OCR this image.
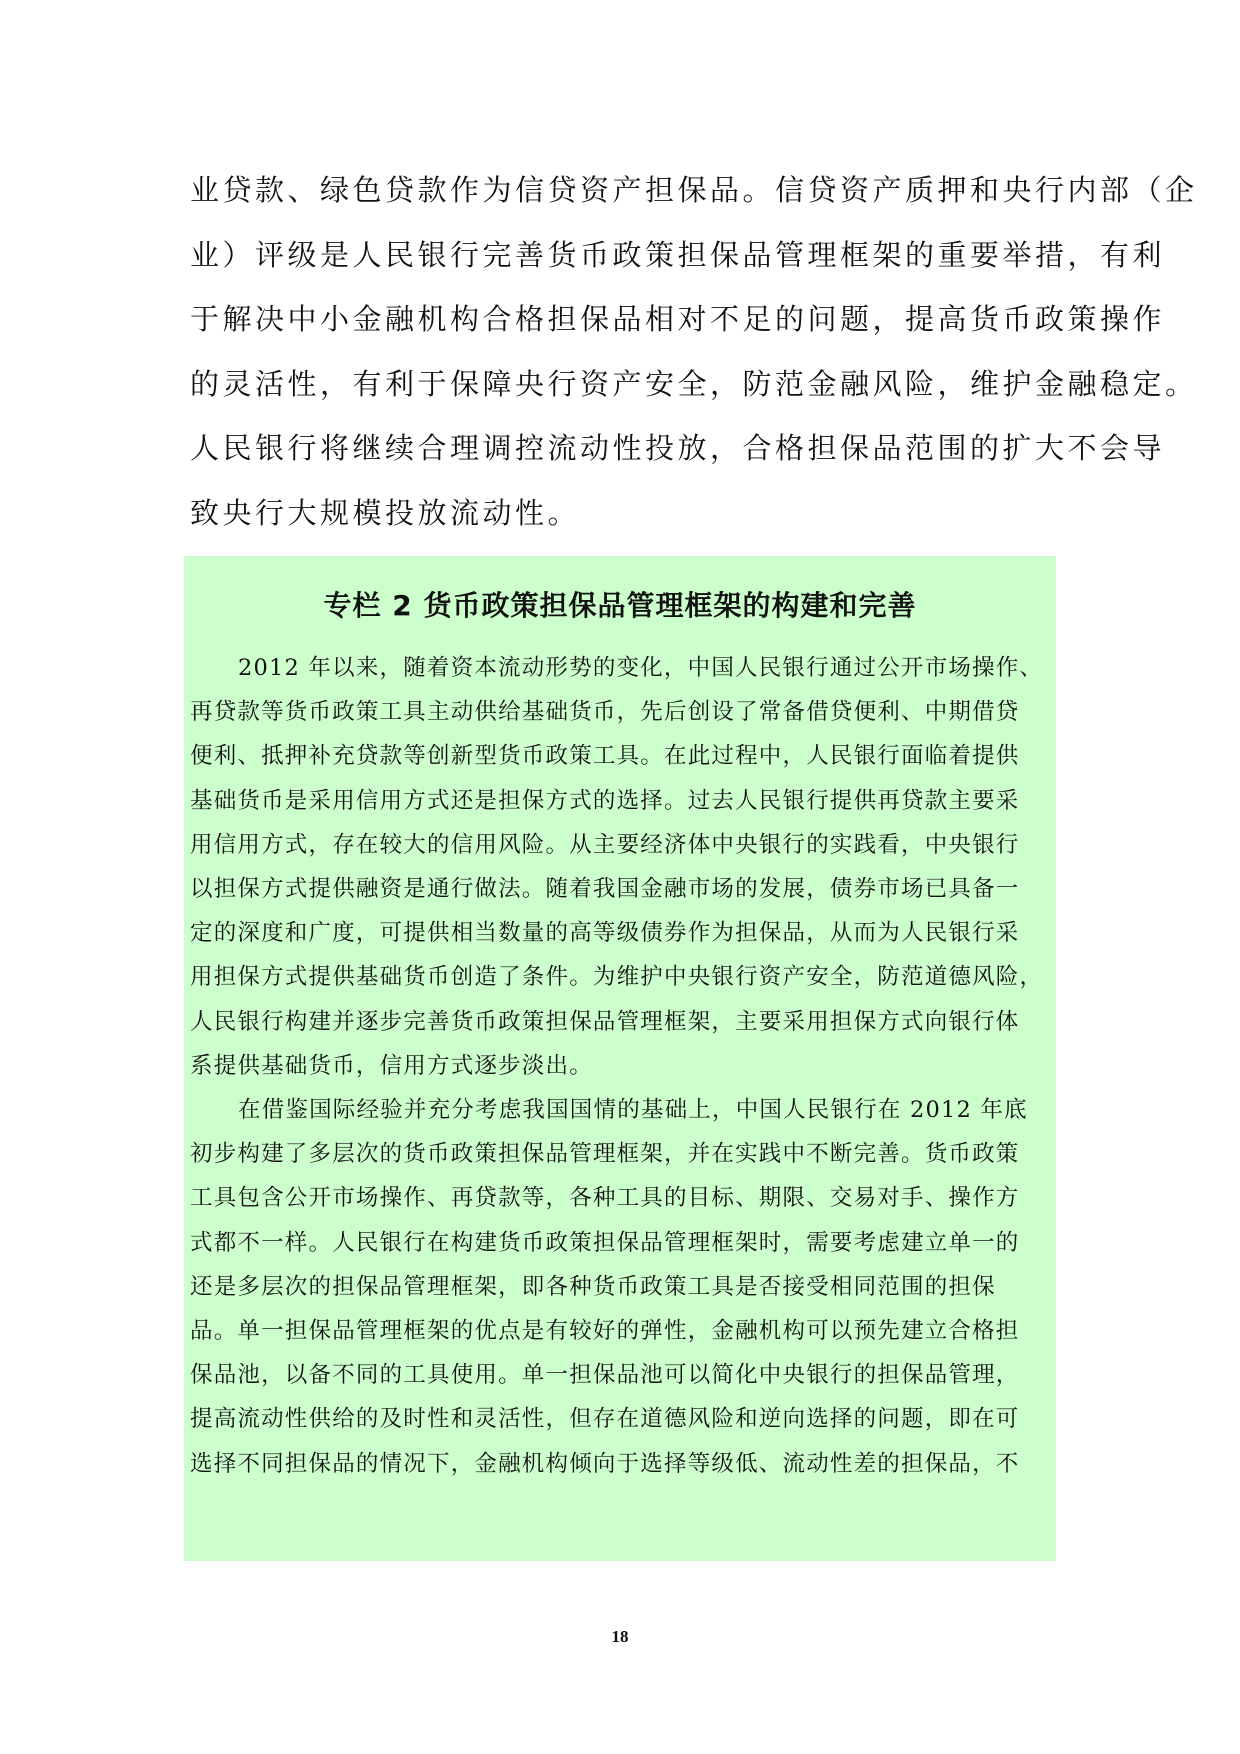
业贷款、绿色贷款作为信贷资产担保品。信贷资产质押和央行内部（企
业）评级是人民银行完善货币政策担保品管理框架的重要举措，有利
于解决中小金融机构合格担保品相对不足的问题，提高货币政策操作
的灵活性，有利于保障央行资产安全，防范金融风险，维护金融稳定。
人民银行将继续合理调控流动性投放，合格担保品范围的扩大不会导
致央行大规模投放流动性。
专栏 2 货币政策担保品管理框架的构建和完善
2012 年以来，随着资本流动形势的变化，中国人民银行通过公开市场操作、
再贷款等货币政策工具主动供给基础货币，先后创设了常备借贷便利、中期借贷
便利、抵押补充贷款等创新型货币政策工具。在此过程中，人民银行面临着提供
基础货币是采用信用方式还是担保方式的选择。过去人民银行提供再贷款主要采
用信用方式，存在较大的信用风险。从主要经济体中央银行的实践看，中央银行
以担保方式提供融资是通行做法。随着我国金融市场的发展，债券市场已具备一
定的深度和广度，可提供相当数量的高等级债券作为担保品，从而为人民银行采
用担保方式提供基础货币创造了条件。为维护中央银行资产安全，防范道德风险，
人民银行构建并逐步完善货币政策担保品管理框架，主要采用担保方式向银行体
系提供基础货币，信用方式逐步淡出。
在借鉴国际经验并充分考虑我国国情的基础上，中国人民银行在 2012 年底
初步构建了多层次的货币政策担保品管理框架，并在实践中不断完善。货币政策
工具包含公开市场操作、再贷款等，各种工具的目标、期限、交易对手、操作方
式都不一样。人民银行在构建货币政策担保品管理框架时，需要考虑建立单一的
还是多层次的担保品管理框架，即各种货币政策工具是否接受相同范围的担保
品。单一担保品管理框架的优点是有较好的弹性，金融机构可以预先建立合格担
保品池，以备不同的工具使用。单一担保品池可以简化中央银行的担保品管理，
提高流动性供给的及时性和灵活性，但存在道德风险和逆向选择的问题，即在可
选择不同担保品的情况下，金融机构倾向于选择等级低、流动性差的担保品，不
18
